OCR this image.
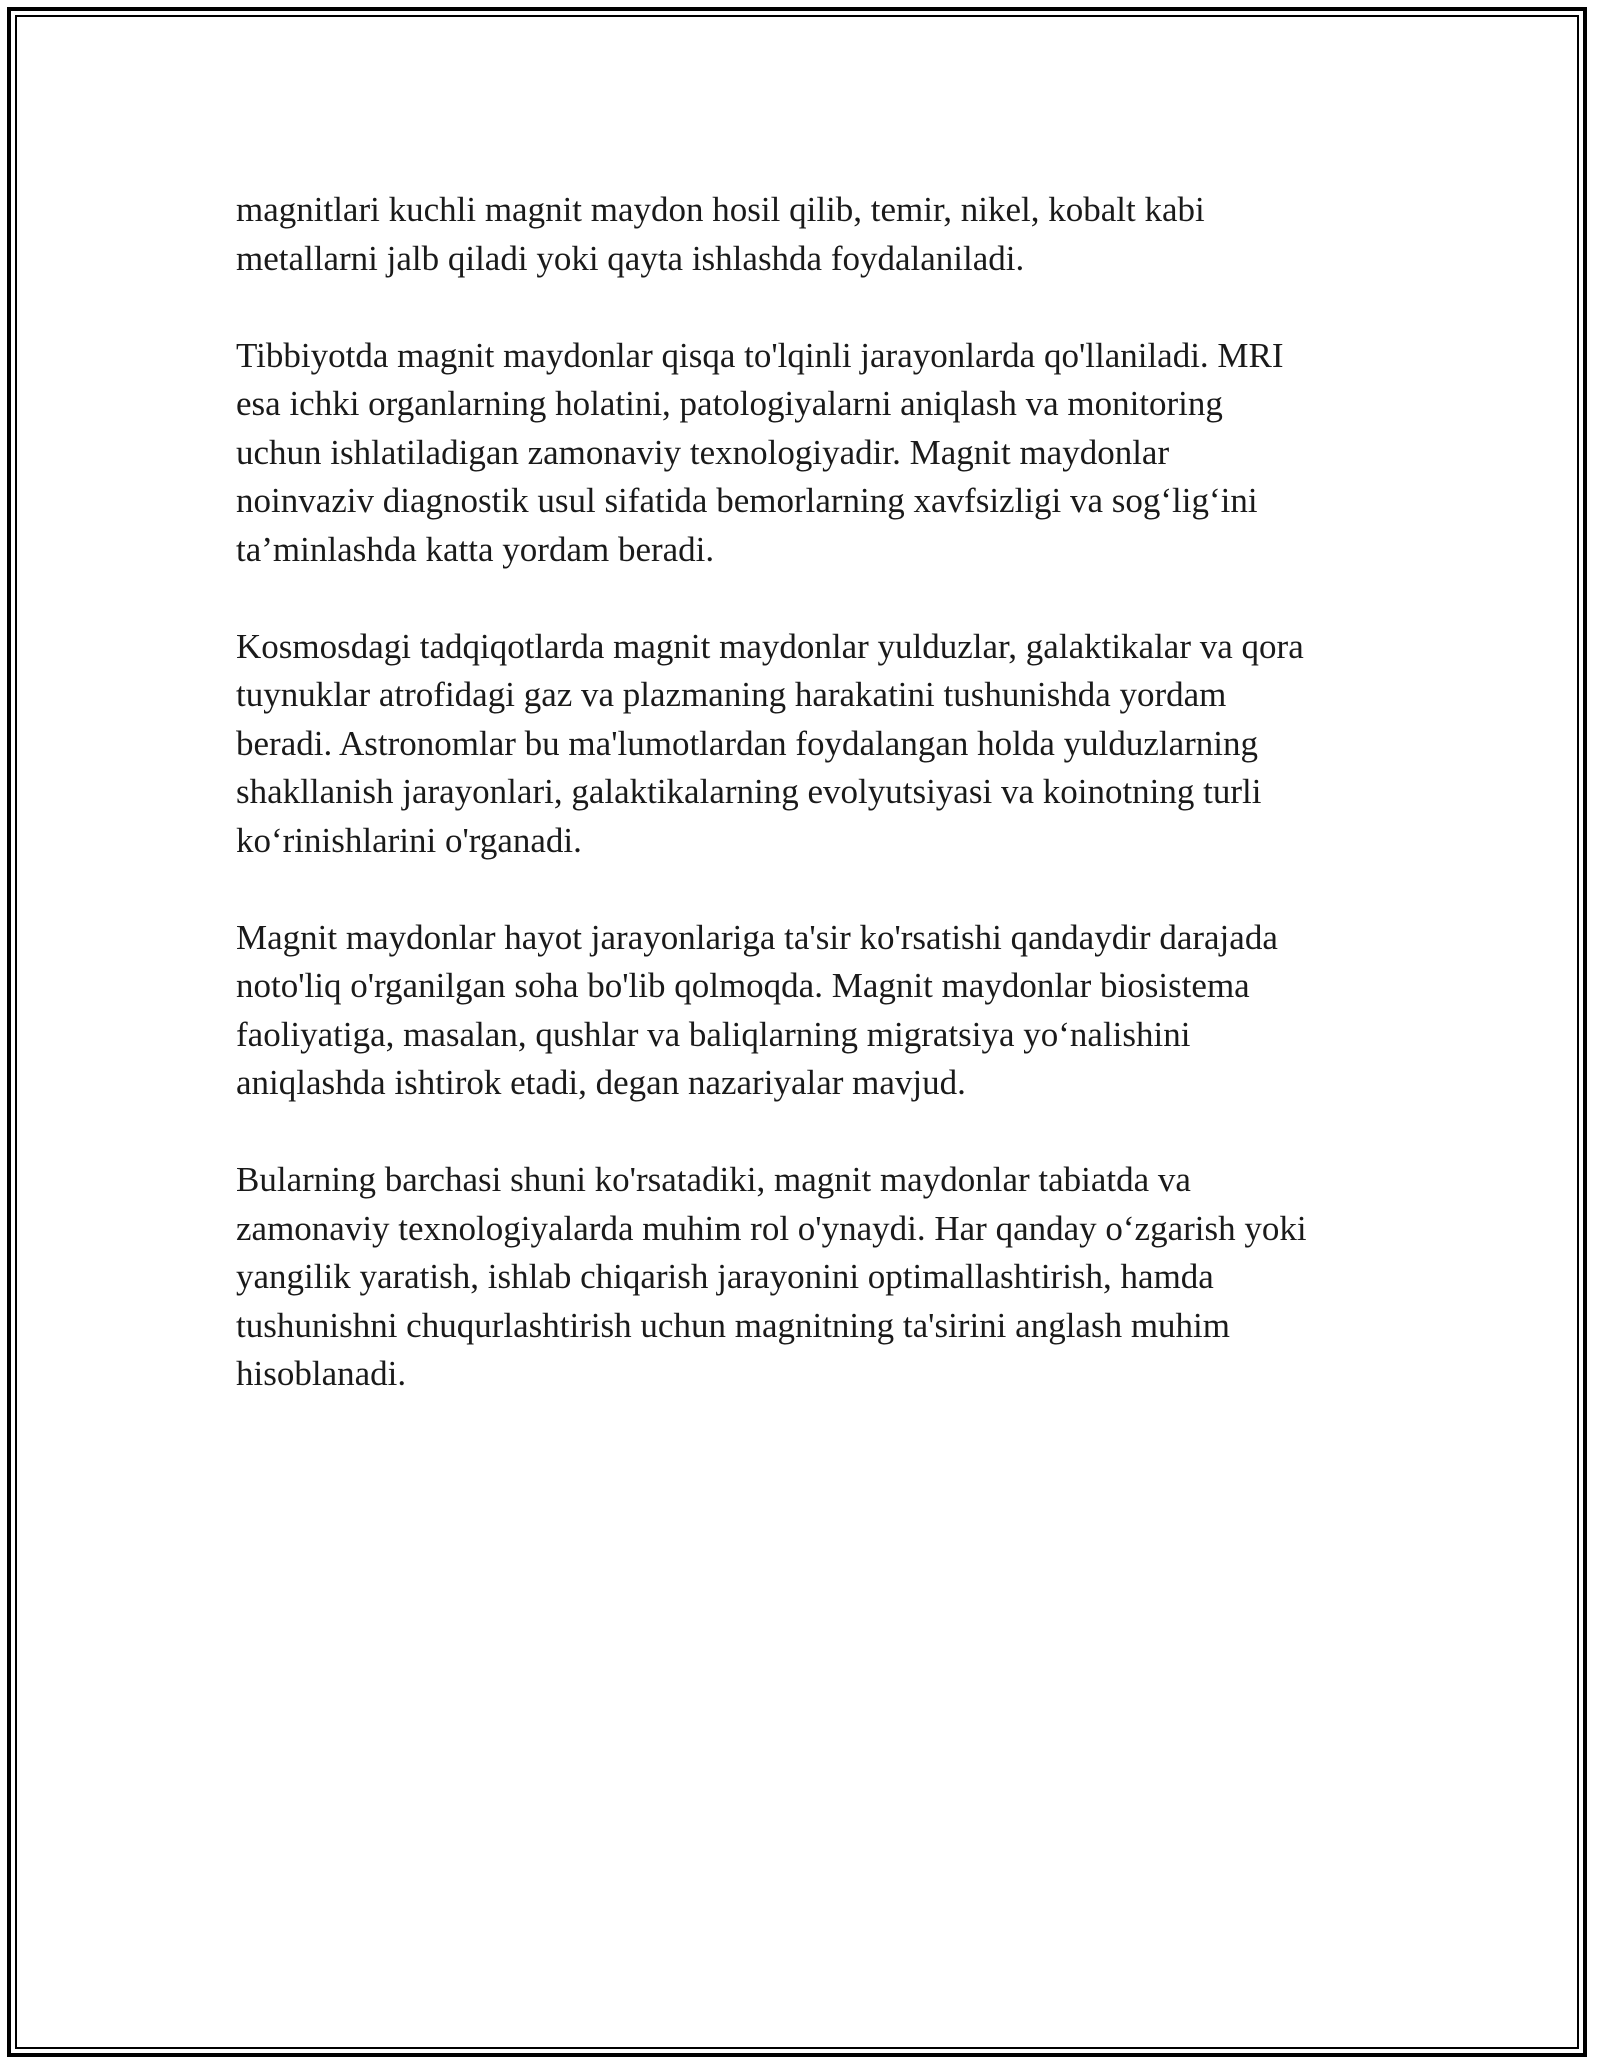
magnitlari kuchli magnit maydon hosil qilib, temir, nikel, kobalt kabi
metallarni jalb qiladi yoki qayta ishlashda foydalaniladi.

Tibbiyotda magnit maydonlar qisqa to'lqinli jarayonlarda qo'llaniladi. MRI
esa ichki organlarning holatini, patologiyalarni aniqlash va monitoring
uchun ishlatiladigan zamonaviy texnologiyadir. Magnit maydonlar
noinvaziv diagnostik usul sifatida bemorlarning xavfsizligi va sog‘lig‘ini
ta’minlashda katta yordam beradi.

Kosmosdagi tadqiqotlarda magnit maydonlar yulduzlar, galaktikalar va qora
tuynuklar atrofidagi gaz va plazmaning harakatini tushunishda yordam
beradi. Astronomlar bu ma'lumotlardan foydalangan holda yulduzlarning
shakllanish jarayonlari, galaktikalarning evolyutsiyasi va koinotning turli
ko‘rinishlarini o'rganadi.

Magnit maydonlar hayot jarayonlariga ta'sir ko'rsatishi qandaydir darajada
noto'liq o'rganilgan soha bo'lib qolmoqda. Magnit maydonlar biosistema
faoliyatiga, masalan, qushlar va baliqlarning migratsiya yo‘nalishini
aniqlashda ishtirok etadi, degan nazariyalar mavjud.

Bularning barchasi shuni ko'rsatadiki, magnit maydonlar tabiatda va
zamonaviy texnologiyalarda muhim rol o'ynaydi. Har qanday o‘zgarish yoki
yangilik yaratish, ishlab chiqarish jarayonini optimallashtirish, hamda
tushunishni chuqurlashtirish uchun magnitning ta'sirini anglash muhim
hisoblanadi.
